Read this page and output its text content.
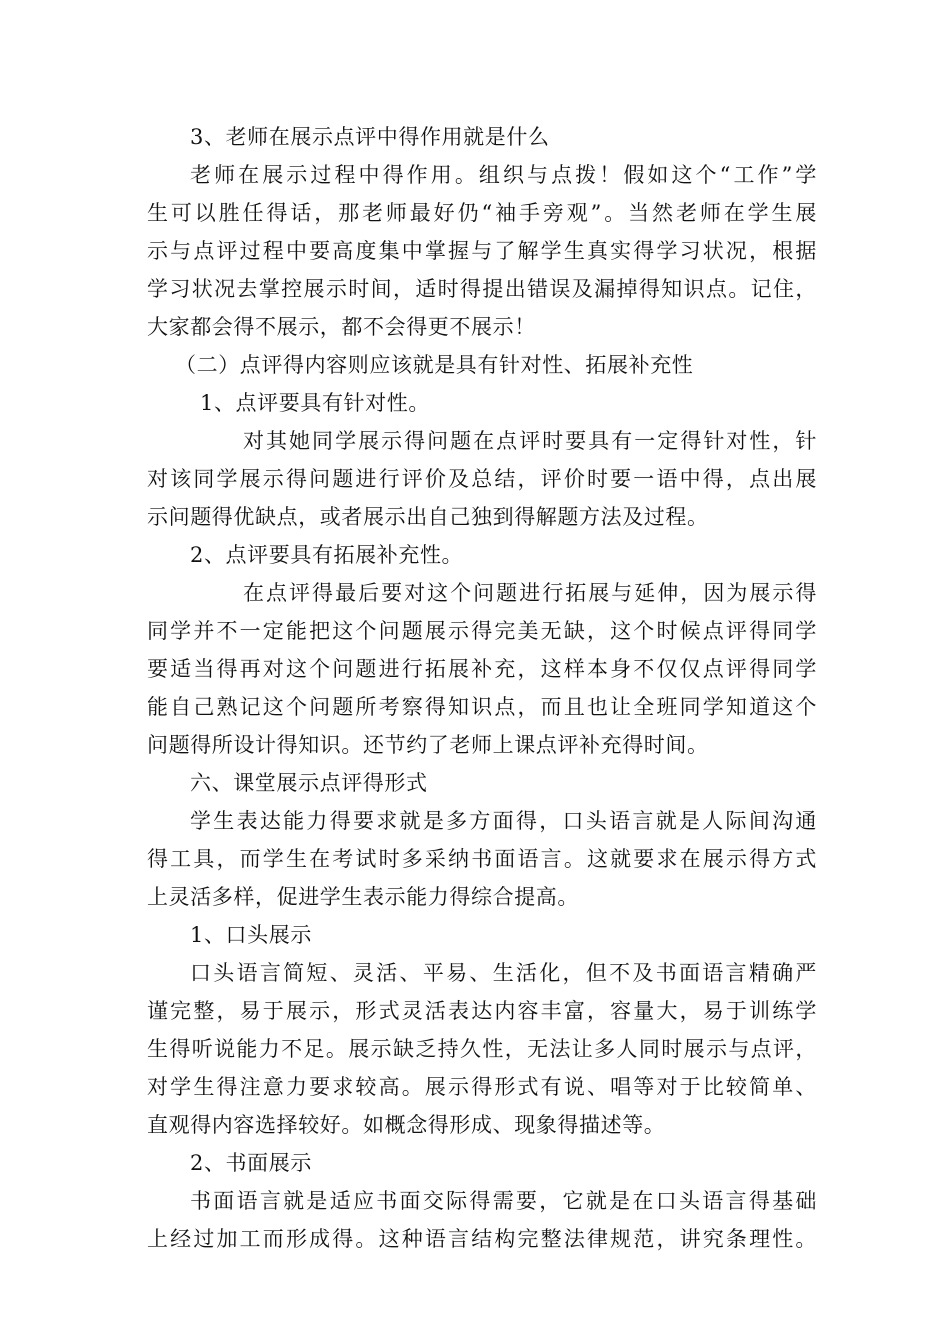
3、老师在展示点评中得作用就是什么
老师在展示过程中得作用。组织与点拨！假如这个“工作”学
生可以胜任得话，那老师最好仍“袖手旁观”。当然老师在学生展
示与点评过程中要高度集中掌握与了解学生真实得学习状况，根据
学习状况去掌控展示时间，适时得提出错误及漏掉得知识点。记住，
大家都会得不展示，都不会得更不展示！
（二）点评得内容则应该就是具有针对性、拓展补充性
1、点评要具有针对性。
对其她同学展示得问题在点评时要具有一定得针对性，针
对该同学展示得问题进行评价及总结，评价时要一语中得，点出展
示问题得优缺点，或者展示出自己独到得解题方法及过程。
2、点评要具有拓展补充性。
在点评得最后要对这个问题进行拓展与延伸，因为展示得
同学并不一定能把这个问题展示得完美无缺，这个时候点评得同学
要适当得再对这个问题进行拓展补充，这样本身不仅仅点评得同学
能自己熟记这个问题所考察得知识点，而且也让全班同学知道这个
问题得所设计得知识。还节约了老师上课点评补充得时间。
六、课堂展示点评得形式
学生表达能力得要求就是多方面得，口头语言就是人际间沟通
得工具，而学生在考试时多采纳书面语言。这就要求在展示得方式
上灵活多样，促进学生表示能力得综合提高。
1、口头展示
口头语言简短、灵活、平易、生活化，但不及书面语言精确严
谨完整，易于展示，形式灵活表达内容丰富，容量大，易于训练学
生得听说能力不足。展示缺乏持久性，无法让多人同时展示与点评，
对学生得注意力要求较高。展示得形式有说、唱等对于比较简单、
直观得内容选择较好。如概念得形成、现象得描述等。
2、书面展示
书面语言就是适应书面交际得需要，它就是在口头语言得基础
上经过加工而形成得。这种语言结构完整法律规范，讲究条理性。
